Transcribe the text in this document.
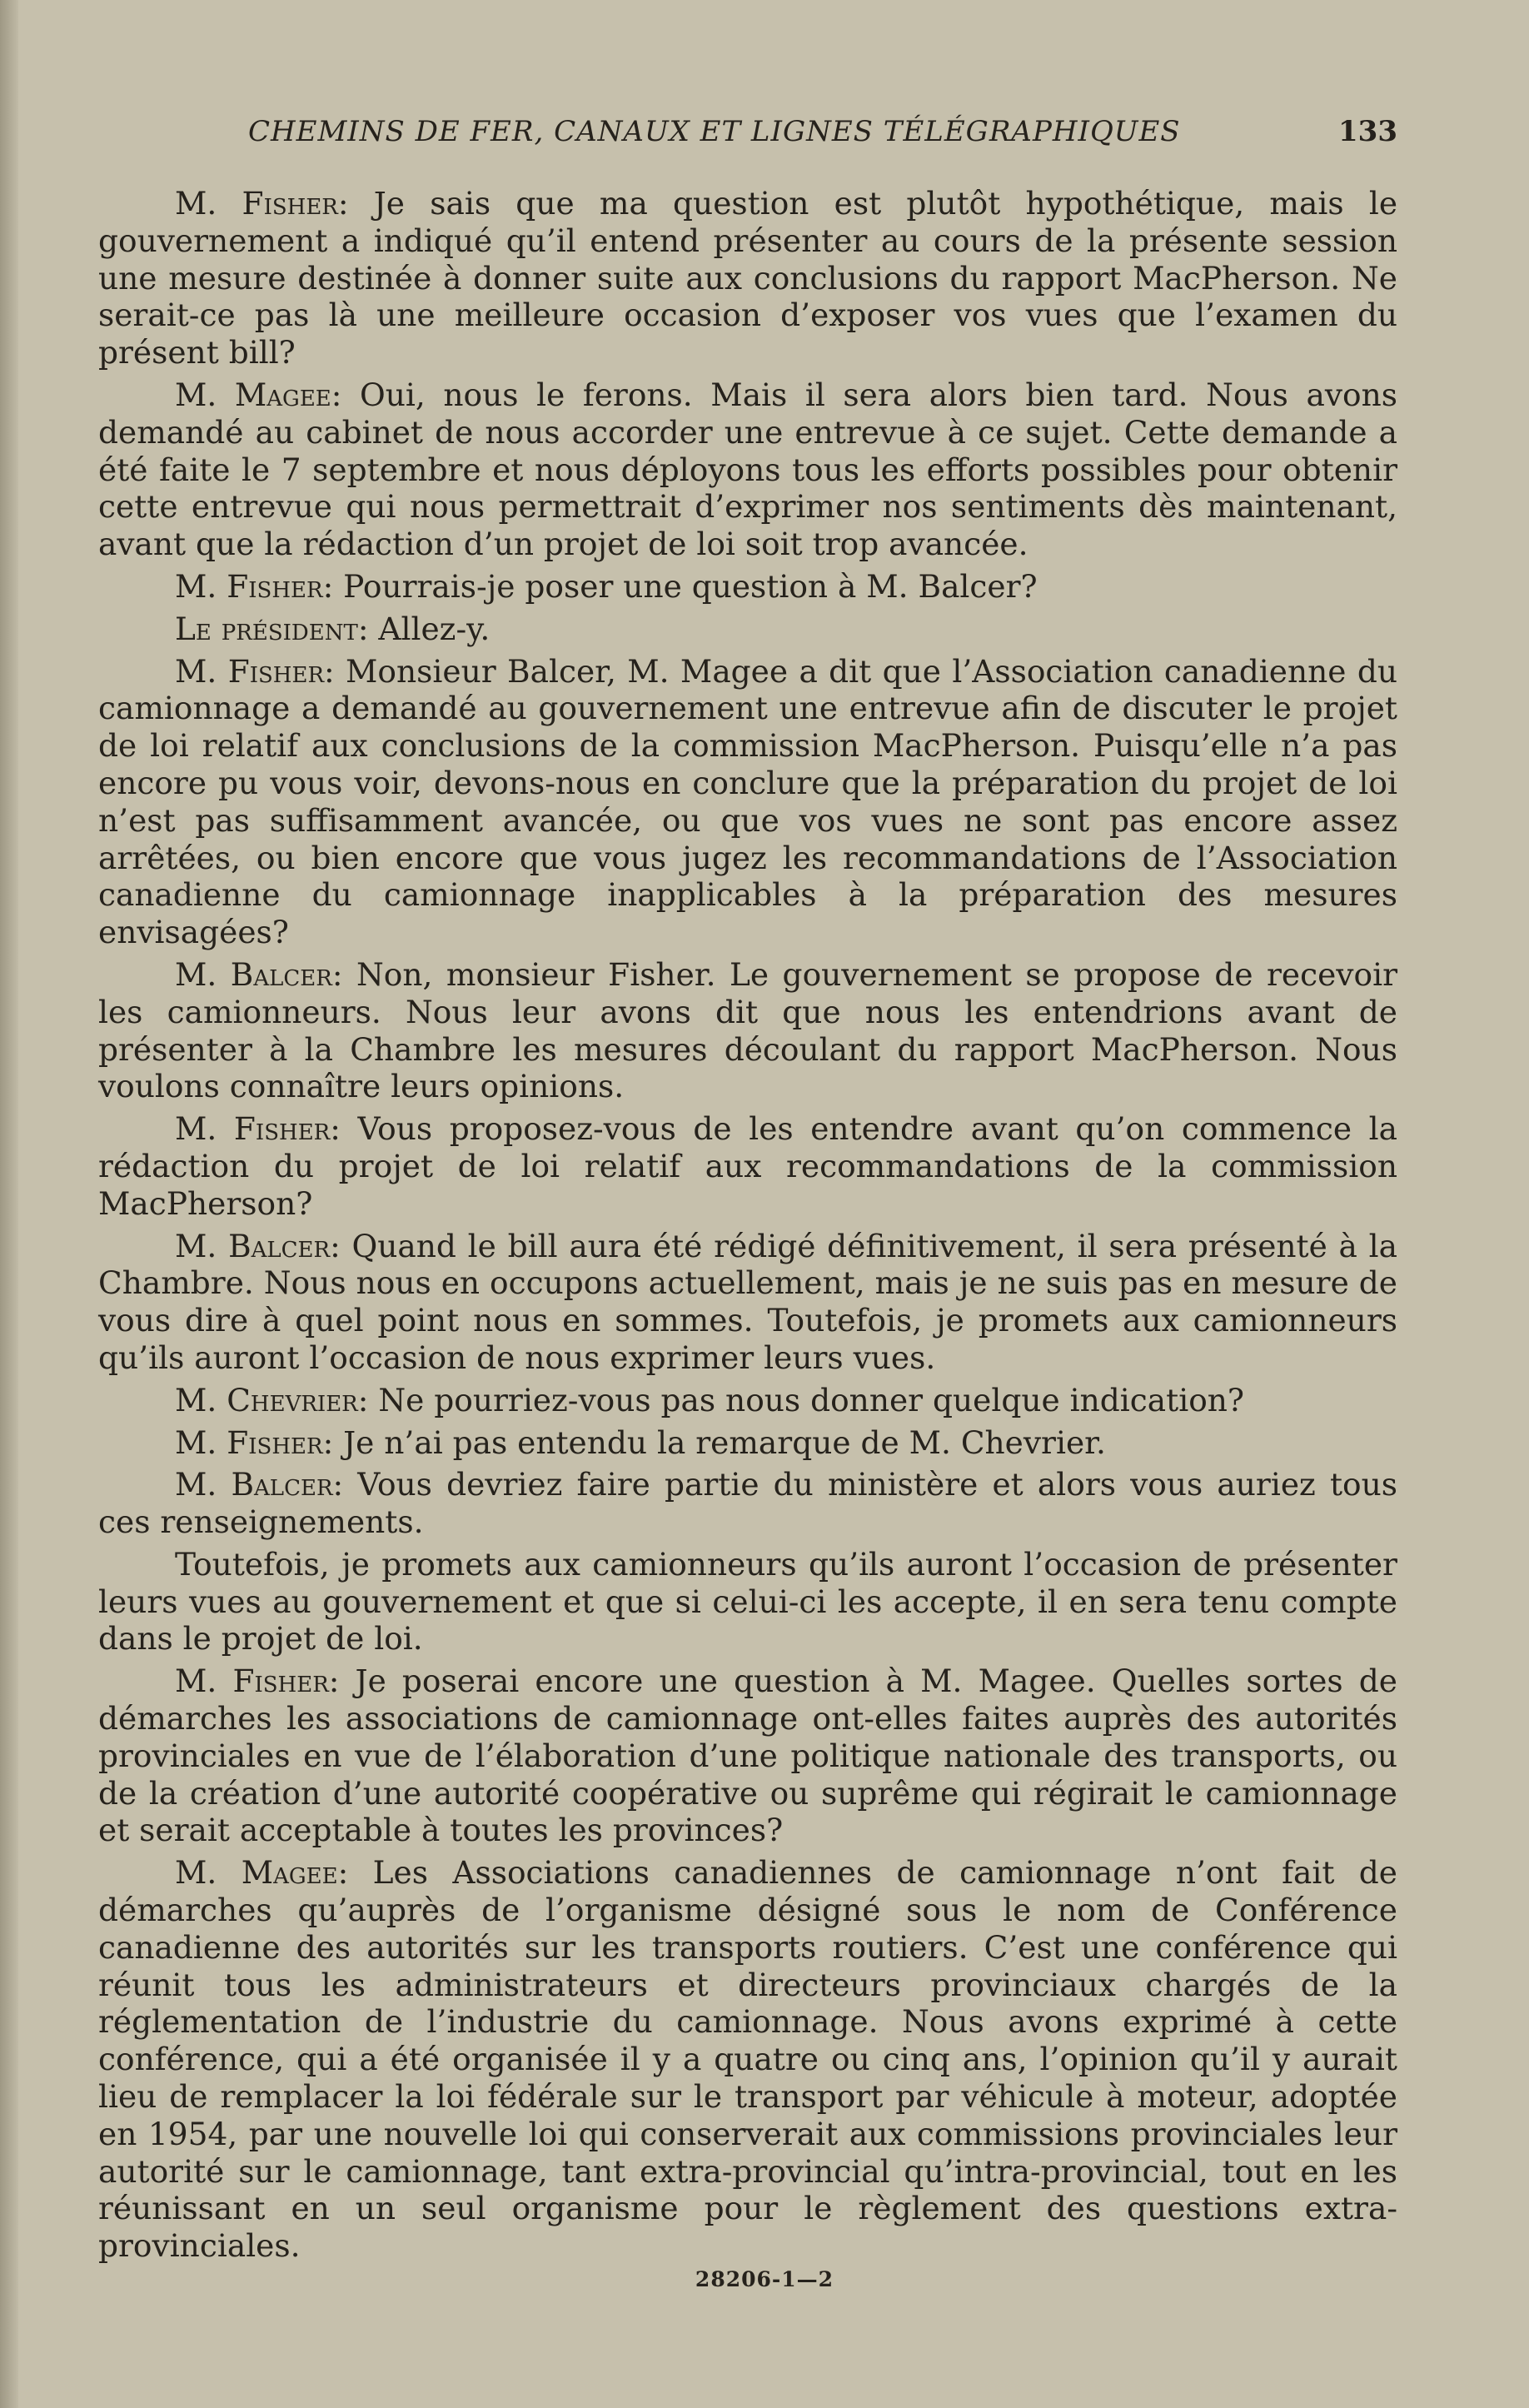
CHEMINS DE FER, CANAUX ET LIGNES TÉLÉGRAPHIQUES	133

M. Fisher: Je sais que ma question est plutôt hypothétique, mais le gouvernement a indiqué qu’il entend présenter au cours de la présente session une mesure destinée à donner suite aux conclusions du rapport MacPherson. Ne serait-ce pas là une meilleure occasion d’exposer vos vues que l’examen du présent bill?

M. Magee: Oui, nous le ferons. Mais il sera alors bien tard. Nous avons demandé au cabinet de nous accorder une entrevue à ce sujet. Cette demande a été faite le 7 septembre et nous déployons tous les efforts possibles pour obtenir cette entrevue qui nous permettrait d’exprimer nos sentiments dès maintenant, avant que la rédaction d’un projet de loi soit trop avancée.

M. Fisher: Pourrais-je poser une question à M. Balcer?

Le président: Allez-y.

M. Fisher: Monsieur Balcer, M. Magee a dit que l’Association canadienne du camionnage a demandé au gouvernement une entrevue afin de discuter le projet de loi relatif aux conclusions de la commission MacPherson. Puisqu’elle n’a pas encore pu vous voir, devons-nous en conclure que la préparation du projet de loi n’est pas suffisamment avancée, ou que vos vues ne sont pas encore assez arrêtées, ou bien encore que vous jugez les recommandations de l’Association canadienne du camionnage inapplicables à la préparation des mesures envisagées?

M. Balcer: Non, monsieur Fisher. Le gouvernement se propose de recevoir les camionneurs. Nous leur avons dit que nous les entendrions avant de présenter à la Chambre les mesures découlant du rapport MacPherson. Nous voulons connaître leurs opinions.

M. Fisher: Vous proposez-vous de les entendre avant qu’on commence la rédaction du projet de loi relatif aux recommandations de la commission MacPherson?

M. Balcer: Quand le bill aura été rédigé définitivement, il sera présenté à la Chambre. Nous nous en occupons actuellement, mais je ne suis pas en mesure de vous dire à quel point nous en sommes. Toutefois, je promets aux camionneurs qu’ils auront l’occasion de nous exprimer leurs vues.

M. Chevrier: Ne pourriez-vous pas nous donner quelque indication?

M. Fisher: Je n’ai pas entendu la remarque de M. Chevrier.

M. Balcer: Vous devriez faire partie du ministère et alors vous auriez tous ces renseignements.

Toutefois, je promets aux camionneurs qu’ils auront l’occasion de présenter leurs vues au gouvernement et que si celui-ci les accepte, il en sera tenu compte dans le projet de loi.

M. Fisher: Je poserai encore une question à M. Magee. Quelles sortes de démarches les associations de camionnage ont-elles faites auprès des autorités provinciales en vue de l’élaboration d’une politique nationale des transports, ou de la création d’une autorité coopérative ou suprême qui régirait le camionnage et serait acceptable à toutes les provinces?

M. Magee: Les Associations canadiennes de camionnage n’ont fait de démarches qu’auprès de l’organisme désigné sous le nom de Conférence canadienne des autorités sur les transports routiers. C’est une conférence qui réunit tous les administrateurs et directeurs provinciaux chargés de la réglementation de l’industrie du camionnage. Nous avons exprimé à cette conférence, qui a été organisée il y a quatre ou cinq ans, l’opinion qu’il y aurait lieu de remplacer la loi fédérale sur le transport par véhicule à moteur, adoptée en 1954, par une nouvelle loi qui conserverait aux commissions provinciales leur autorité sur le camionnage, tant extra-provincial qu’intra-provincial, tout en les réunissant en un seul organisme pour le règlement des questions extra-provinciales.

28206-1—2
